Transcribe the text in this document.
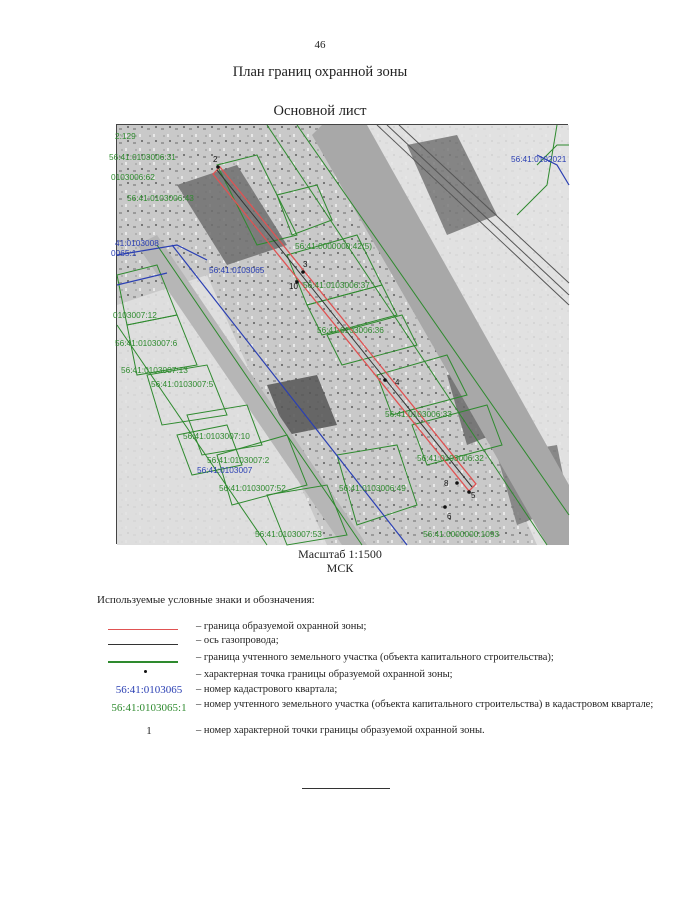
46
План границ охранной зоны
Основной лист
2
3
10
4
8
5
6
56:41:0103006:31
0103006:62
56:41:0103006:43
56:41:0000000:42(5)
56:41:0103006:37
56:41:0103006:36
0103007:12
56:41:0103007:6
56:41:0103007:13
56:41:0103007:5
56:41:0103006:33
56:41:0103006:32
56:41:0103007:10
56:41:0103007:2
56:41:0103007:52	56:41:0103006:49
56:41:0103007:53	56:41:0000000:1093
2:129
56:41:0103065
56:41:0103007
56:41:0102021
41:0103008
0065:1
Масштаб 1:1500
МСК
Используемые условные знаки и обозначения:
– граница образуемой охранной зоны;
– ось газопровода;
– граница учтенного земельного участка (объекта капитального строительства);
– характерная точка границы образуемой охранной зоны;
56:41:0103065	– номер кадастрового квартала;
56:41:0103065:1 – номер учтенного земельного участка (объекта капитального строительства) в кадастровом квартале;
1	– номер характерной точки границы образуемой охранной зоны.
